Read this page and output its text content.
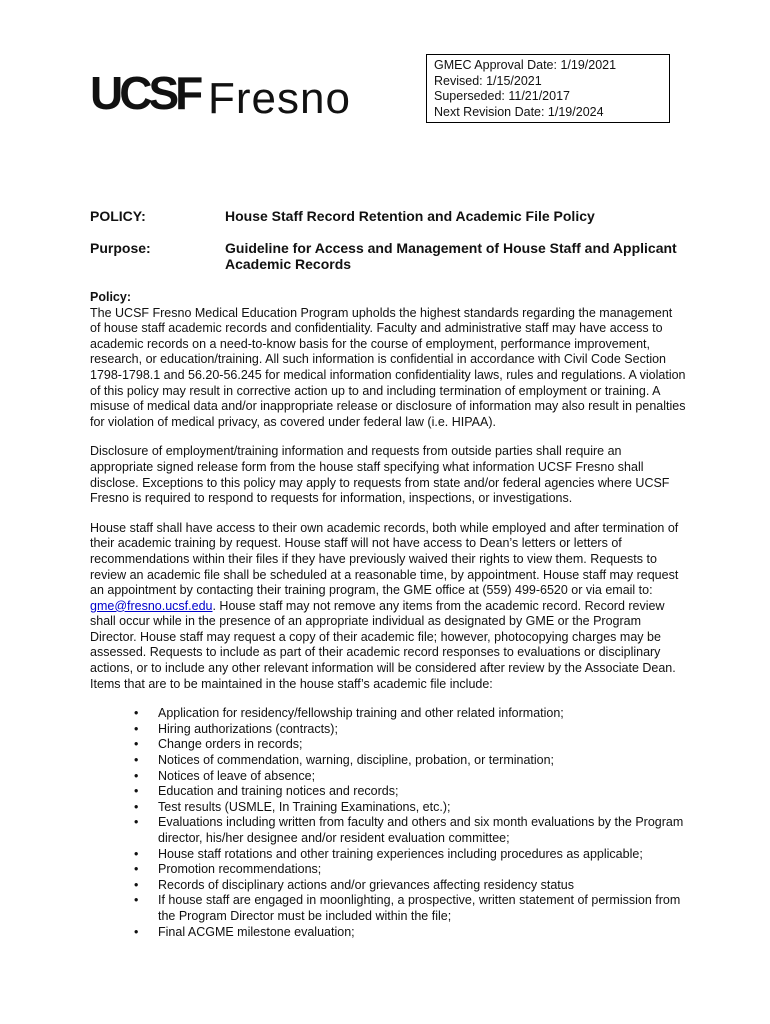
UCSF Fresno
GMEC Approval Date: 1/19/2021
Revised: 1/15/2021
Superseded: 11/21/2017
Next Revision Date: 1/19/2024
POLICY:	House Staff Record Retention and Academic File Policy
Purpose:	Guideline for Access and Management of House Staff and Applicant Academic Records

Policy:
The UCSF Fresno Medical Education Program upholds the highest standards regarding the management of house staff academic records and confidentiality. Faculty and administrative staff may have access to academic records on a need-to-know basis for the course of employment, performance improvement, research, or education/training. All such information is confidential in accordance with Civil Code Section 1798-1798.1 and 56.20-56.245 for medical information confidentiality laws, rules and regulations. A violation of this policy may result in corrective action up to and including termination of employment or training. A misuse of medical data and/or inappropriate release or disclosure of information may also result in penalties for violation of medical privacy, as covered under federal law (i.e. HIPAA).

Disclosure of employment/training information and requests from outside parties shall require an appropriate signed release form from the house staff specifying what information UCSF Fresno shall disclose. Exceptions to this policy may apply to requests from state and/or federal agencies where UCSF Fresno is required to respond to requests for information, inspections, or investigations.

House staff shall have access to their own academic records, both while employed and after termination of their academic training by request. House staff will not have access to Dean’s letters or letters of recommendations within their files if they have previously waived their rights to view them. Requests to review an academic file shall be scheduled at a reasonable time, by appointment. House staff may request an appointment by contacting their training program, the GME office at (559) 499-6520 or via email to: gme@fresno.ucsf.edu. House staff may not remove any items from the academic record. Record review shall occur while in the presence of an appropriate individual as designated by GME or the Program Director. House staff may request a copy of their academic file; however, photocopying charges may be assessed. Requests to include as part of their academic record responses to evaluations or disciplinary actions, or to include any other relevant information will be considered after review by the Associate Dean. Items that are to be maintained in the house staff’s academic file include:

• Application for residency/fellowship training and other related information;
• Hiring authorizations (contracts);
• Change orders in records;
• Notices of commendation, warning, discipline, probation, or termination;
• Notices of leave of absence;
• Education and training notices and records;
• Test results (USMLE, In Training Examinations, etc.);
• Evaluations including written from faculty and others and six month evaluations by the Program director, his/her designee and/or resident evaluation committee;
• House staff rotations and other training experiences including procedures as applicable;
• Promotion recommendations;
• Records of disciplinary actions and/or grievances affecting residency status
• If house staff are engaged in moonlighting, a prospective, written statement of permission from the Program Director must be included within the file;
• Final ACGME milestone evaluation;
